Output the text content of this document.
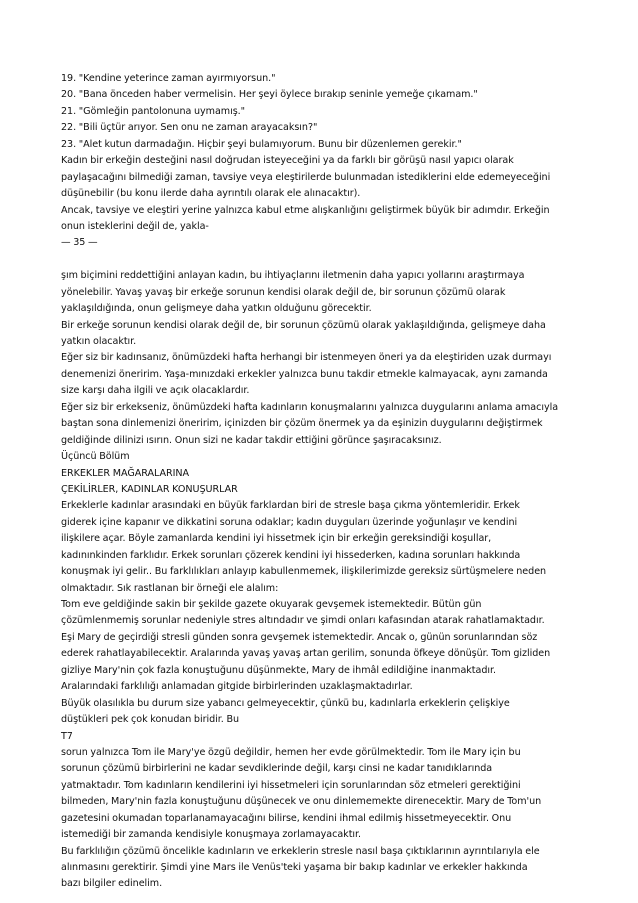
19. "Kendine yeterince zaman ayırmıyorsun."
20. "Bana önceden haber vermelisin. Her şeyi öylece bırakıp seninle yemeğe çıkamam."
21. "Gömleğin pantolonuna uymamış."
22. "Bili üçtür arıyor. Sen onu ne zaman arayacaksın?"
23. "Alet kutun darmadağın. Hiçbir şeyi bulamıyorum. Bunu bir düzenlemen gerekir."
Kadın bir erkeğin desteğini nasıl doğrudan isteyeceğini ya da farklı bir görüşü nasıl yapıcı olarak
paylaşacağını bilmediği zaman, tavsiye veya eleştirilerde bulunmadan istediklerini elde edemeyeceğini
düşünebilir (bu konu ilerde daha ayrıntılı olarak ele alınacaktır).
Ancak, tavsiye ve eleştiri yerine yalnızca kabul etme alışkanlığını geliştirmek büyük bir adımdır. Erkeğin
onun isteklerini değil de, yakla-
— 35 —
şım biçimini reddettiğini anlayan kadın, bu ihtiyaçlarını iletmenin daha yapıcı yollarını araştırmaya
yönelebilir. Yavaş yavaş bir erkeğe sorunun kendisi olarak değil de, bir sorunun çözümü olarak
yaklaşıldığında, onun gelişmeye daha yatkın olduğunu görecektir.
Bir erkeğe sorunun kendisi olarak değil de, bir sorunun çözümü olarak yaklaşıldığında, gelişmeye daha
yatkın olacaktır.
Eğer siz bir kadınsanız, önümüzdeki hafta herhangi bir istenmeyen öneri ya da eleştiriden uzak durmayı
denemenizi öneririm. Yaşa-mınızdaki erkekler yalnızca bunu takdir etmekle kalmayacak, aynı zamanda
size karşı daha ilgili ve açık olacaklardır.
Eğer siz bir erkekseniz, önümüzdeki hafta kadınların konuşmalarını yalnızca duygularını anlama amacıyla
baştan sona dinlemenizi öneririm, içinizden bir çözüm önermek ya da eşinizin duygularını değiştirmek
geldiğinde dilinizi ısırın. Onun sizi ne kadar takdir ettiğini görünce şaşıracaksınız.
Üçüncü Bölüm
ERKEKLER MAĞARALARINA
ÇEKİLİRLER, KADINLAR KONUŞURLAR
Erkeklerle kadınlar arasındaki en büyük farklardan biri de stresle başa çıkma yöntemleridir. Erkek
giderek içine kapanır ve dikkatini soruna odaklar; kadın duyguları üzerinde yoğunlaşır ve kendini
ilişkilere açar. Böyle zamanlarda kendini iyi hissetmek için bir erkeğin gereksindiği koşullar,
kadınınkinden farklıdır. Erkek sorunları çözerek kendini iyi hissederken, kadına sorunları hakkında
konuşmak iyi gelir.. Bu farklılıkları anlayıp kabullenmemek, ilişkilerimizde gereksiz sürtüşmelere neden
olmaktadır. Sık rastlanan bir örneği ele alalım:
Tom eve geldiğinde sakin bir şekilde gazete okuyarak gevşemek istemektedir. Bütün gün
çözümlenmemiş sorunlar nedeniyle stres altındadır ve şimdi onları kafasından atarak rahatlamaktadır.
Eşi Mary de geçirdiği stresli günden sonra gevşemek istemektedir. Ancak o, günün sorunlarından söz
ederek rahatlayabilecektir. Aralarında yavaş yavaş artan gerilim, sonunda öfkeye dönüşür. Tom gizliden
gizliye Mary'nin çok fazla konuştuğunu düşünmekte, Mary de ihmâl edildiğine inanmaktadır.
Aralarındaki farklılığı anlamadan gitgide birbirlerinden uzaklaşmaktadırlar.
Büyük olasılıkla bu durum size yabancı gelmeyecektir, çünkü bu, kadınlarla erkeklerin çelişkiye
düştükleri pek çok konudan biridir. Bu
T7
sorun yalnızca Tom ile Mary'ye özgü değildir, hemen her evde görülmektedir. Tom ile Mary için bu
sorunun çözümü birbirlerini ne kadar sevdiklerinde değil, karşı cinsi ne kadar tanıdıklarında
yatmaktadır. Tom kadınların kendilerini iyi hissetmeleri için sorunlarından söz etmeleri gerektiğini
bilmeden, Mary'nin fazla konuştuğunu düşünecek ve onu dinlememekte direnecektir. Mary de Tom'un
gazetesini okumadan toparlanamayacağını bilirse, kendini ihmal edilmiş hissetmeyecektir. Onu
istemediği bir zamanda kendisiyle konuşmaya zorlamayacaktır.
Bu farklılığın çözümü öncelikle kadınların ve erkeklerin stresle nasıl başa çıktıklarının ayrıntılarıyla ele
alınmasını gerektirir. Şimdi yine Mars ile Venüs'teki yaşama bir bakıp kadınlar ve erkekler hakkında
bazı bilgiler edinelim.
